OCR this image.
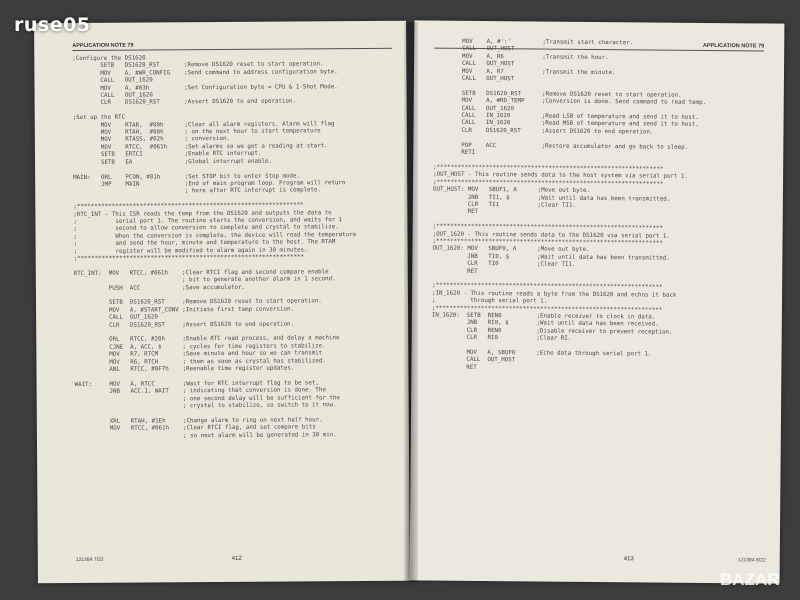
ruse05
APPLICATION NOTE 79
;Configure the DS1620
SETB   DS1620_RST       ;Remove DS1620 reset to start operation.
MOV    A, #WR_CONFIG    ;Send command to address configuration byte.
CALL   OUT_1620
MOV    A, #03h          ;Set Configuration byte = CPU & 1-Shot Mode.
CALL   OUT_1620
CLR    DS1620_RST       ;Assert DS1620 to end operation.

;Set up the RTC
MOV    RTAR,  #00h      ;Clear all alarm registers. Alarm will flag
MOV    RTAH,  #00h      ; on the next hour to start temperature
MOV    RTASS, #02h      ; conversion.
MOV    RTCC,  #061h     ;Set alarms so we get a reading at start.
SETB   ERTCI            ;Enable RTC interrupt.
SETB   EA               ;Global interrupt enable.

MAIN:   ORL    PCON, #01h       ;Set STOP bit to enter Stop mode.
JMP    MAIN             ;End of main program loop. Program will return
; here after RTC interrupt is complete.

;*****************************************************************
;RTC_INT - This ISR reads the temp from the DS1620 and outputs the data to
;           serial port 1. The routine starts the conversion, and waits for 1
;           second to allow conversion to complete and crystal to stabilize.
;           When the conversion is complete, the device will read the temperature
;           and send the hour, minute and temperature to the host. The RTAM
;           register will be modified to alarm again in 30 minutes.
;*****************************************************************

RTC_INT:  MOV   RTCC, #061h    ;Clear RTCI flag and second compare enable
; bit to generate another alarm in 1 second.
PUSH  ACC            ;Save accumulator.

SETB  DS1620_RST     ;Remove DS1620 reset to start operation.
MOV   A, #START_CONV ;Initiate first temp conversion.
CALL  OUT_1620
CLR   DS1620_RST     ;Assert DS1620 to end operation.

ORL   RTCC, #20h     ;Enable RTC read process, and delay a machine
CJNE  A, ACC, $      ; cycles for time registers to stabilize.
MOV   R7, RTCM       ;Save minute and hour so we can transmit
MOV   R6, RTCH       ; them as soon as crystal has stabilized.
ANL   RTCC, #0F7h    ;Reenable time register updates.

WAIT:     MOV   A, RTCC        ;Wait for RTC interrupt flag to be set,
JNB   ACC.1, WAIT    ; indicating that conversion is done. The
; one second delay will be sufficient for the
; crystal to stabilize, so switch to it now.

XRL   RTAH, #1Eh     ;Change alarm to ring on next half hour.
MOV   RTCC, #061h    ;Clear RTCI flag, and set compare bits
; so next alarm will be generated in 30 min.
121384 7/22	412
APPLICATION NOTE 79
MOV    A, #':'         ;Transmit start character.
CALL   OUT_HOST
MOV    A, R6           ;Transmit the hour.
CALL   OUT_HOST
MOV    A, R7           ;Transmit the minute.
CALL   OUT_HOST

SETB   DS1620_RST      ;Remove DS1620 reset to start operation.
MOV    A, #RD_TEMP     ;Conversion is done. Send command to read temp.
CALL   OUT_1620
CALL   IN_1620         ;Read LSB of temperature and send it to host.
CALL   IN_1620         ;Read MSB of temperature and send it to host.
CLR    DS1620_RST      ;Assert DS1620 to end operation.

POP    ACC             ;Restore accumulator and go back to sleep.
RETI

;*****************************************************************
;OUT_HOST - This routine sends data to the host system via serial port 1.
;*****************************************************************
OUT_HOST: MOV   SBUF1, A      ;Move out byte.
JNB   TI1, $        ;Wait until data has been transmitted.
CLR   TI1           ;Clear TI1.
RET

;*****************************************************************
;OUT_1620 - This routine sends data to the DS1620 via serial port 1.
;*****************************************************************
OUT_1620: MOV   SBUF0, A      ;Move out byte.
JNB   TI0, $        ;Wait until data has been transmitted.
CLR   TI0           ;Clear TI1.
RET

;*****************************************************************
;IN_1620 - This routine reads a byte from the DS1620 and echos it back
;          through serial port 1.
;*****************************************************************
IN_1620:  SETB  REN0          ;Enable receiver to clock in data.
JNB   RI0, $        ;Wait until data has been received.
CLR   REN0          ;Disable receiver to prevent reception.
CLR   RI0           ;Clear RI.

MOV   A, SBUF0      ;Echo data through serial port 1.
CALL  OUT_HOST
RET
413	121384 8/22
BAZAR
